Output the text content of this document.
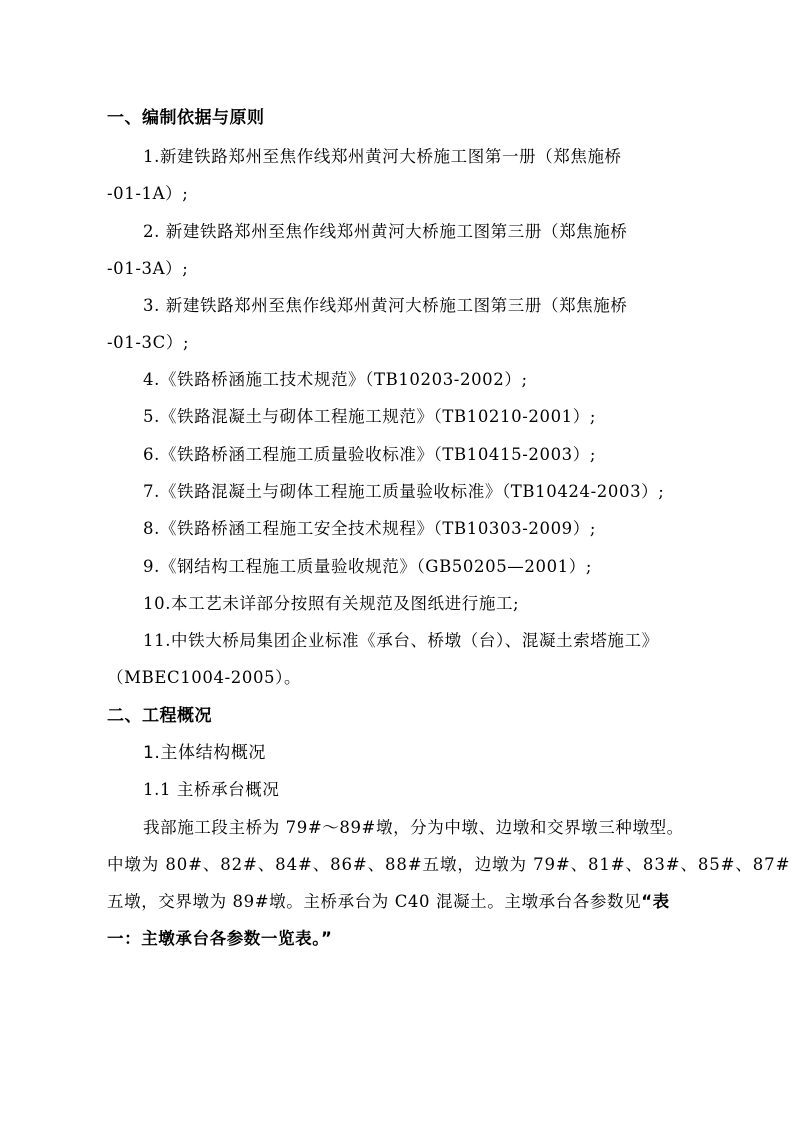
一、编制依据与原则
1.新建铁路郑州至焦作线郑州黄河大桥施工图第一册（郑焦施桥
-01-1A）;
2. 新建铁路郑州至焦作线郑州黄河大桥施工图第三册（郑焦施桥
-01-3A）;
3. 新建铁路郑州至焦作线郑州黄河大桥施工图第三册（郑焦施桥
-01-3C）;
4.《铁路桥涵施工技术规范》（TB10203-2002）;
5.《铁路混凝土与砌体工程施工规范》（TB10210-2001）;
6.《铁路桥涵工程施工质量验收标准》（TB10415-2003）;
7.《铁路混凝土与砌体工程施工质量验收标准》（TB10424-2003）;
8.《铁路桥涵工程施工安全技术规程》（TB10303-2009）;
9.《钢结构工程施工质量验收规范》（GB50205—2001）;
10.本工艺未详部分按照有关规范及图纸进行施工;
11.中铁大桥局集团企业标准《承台、桥墩（台）、混凝土索塔施工》
（MBEC1004-2005）。
二、工程概况
1.主体结构概况
1.1 主桥承台概况
我部施工段主桥为 79#～89#墩，分为中墩、边墩和交界墩三种墩型。
中墩为 80#、82#、84#、86#、88#五墩，边墩为 79#、81#、83#、85#、87#
五墩，交界墩为 89#墩。主桥承台为 C40 混凝土。主墩承台各参数见“表
一：主墩承台各参数一览表。”
